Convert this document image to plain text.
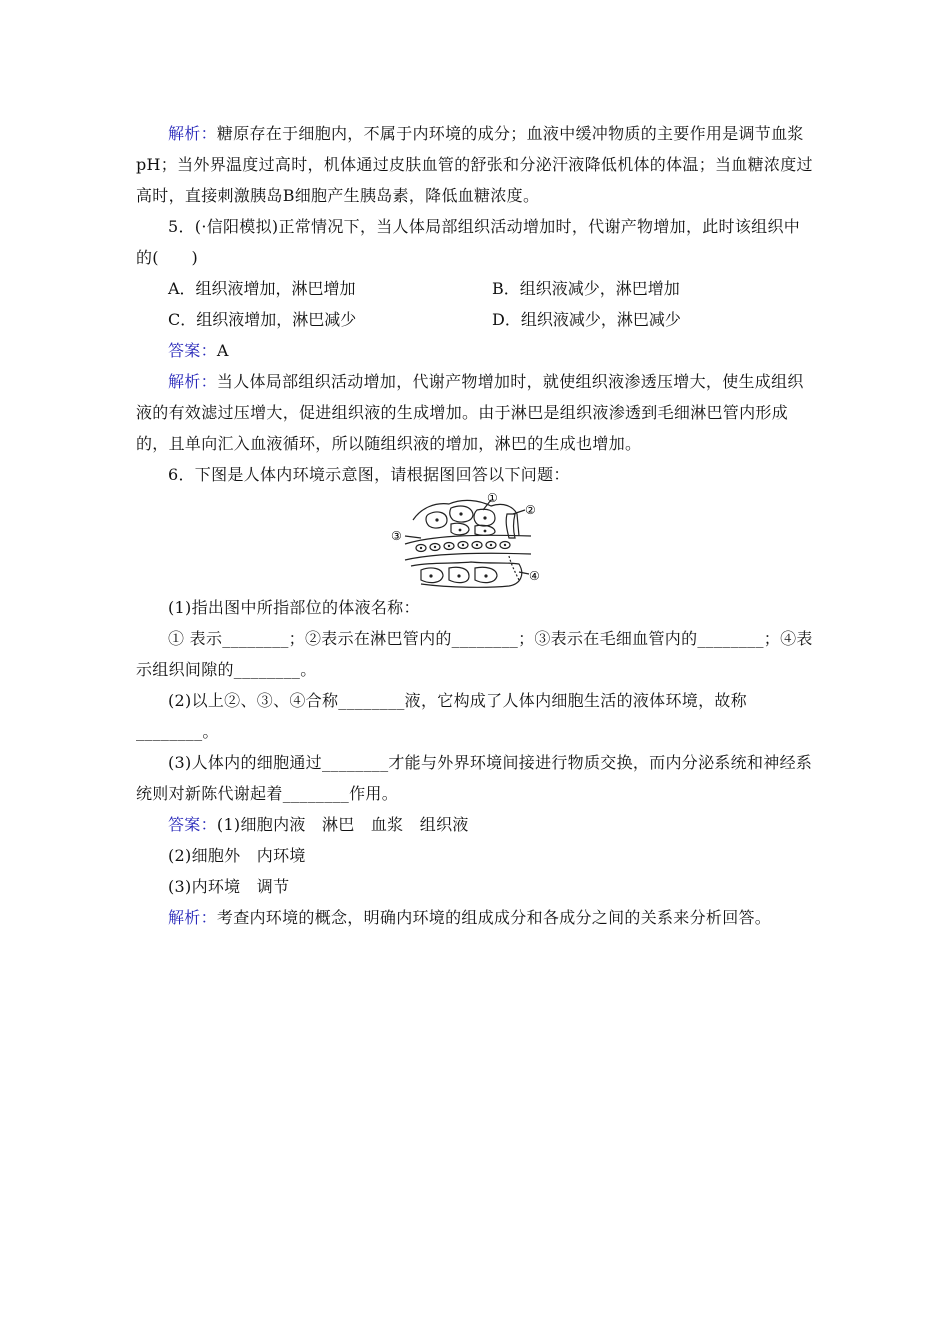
解析：糖原存在于细胞内，不属于内环境的成分；血液中缓冲物质的主要作用是调节血浆pH；当外界温度过高时，机体通过皮肤血管的舒张和分泌汗液降低机体的体温；当血糖浓度过高时，直接刺激胰岛B细胞产生胰岛素，降低血糖浓度。

5．(·信阳模拟)正常情况下，当人体局部组织活动增加时，代谢产物增加，此时该组织中的(　　)

A．组织液增加，淋巴增加	B．组织液减少，淋巴增加
C．组织液增加，淋巴减少	D．组织液减少，淋巴减少

答案：A

解析：当人体局部组织活动增加，代谢产物增加时，就使组织液渗透压增大，使生成组织液的有效滤过压增大，促进组织液的生成增加。由于淋巴是组织液渗透到毛细淋巴管内形成的，且单向汇入血液循环，所以随组织液的增加，淋巴的生成也增加。

6．下图是人体内环境示意图，请根据图回答以下问题：

①
②
③
④

(1)指出图中所指部位的体液名称：

① 表示________；②表示在淋巴管内的________；③表示在毛细血管内的________；④表示组织间隙的________。

(2)以上②、③、④合称________液，它构成了人体内细胞生活的液体环境，故称________。

(3)人体内的细胞通过________才能与外界环境间接进行物质交换，而内分泌系统和神经系统则对新陈代谢起着________作用。

答案：(1)细胞内液　淋巴　血浆　组织液

(2)细胞外　内环境

(3)内环境　调节

解析：考查内环境的概念，明确内环境的组成成分和各成分之间的关系来分析回答。
